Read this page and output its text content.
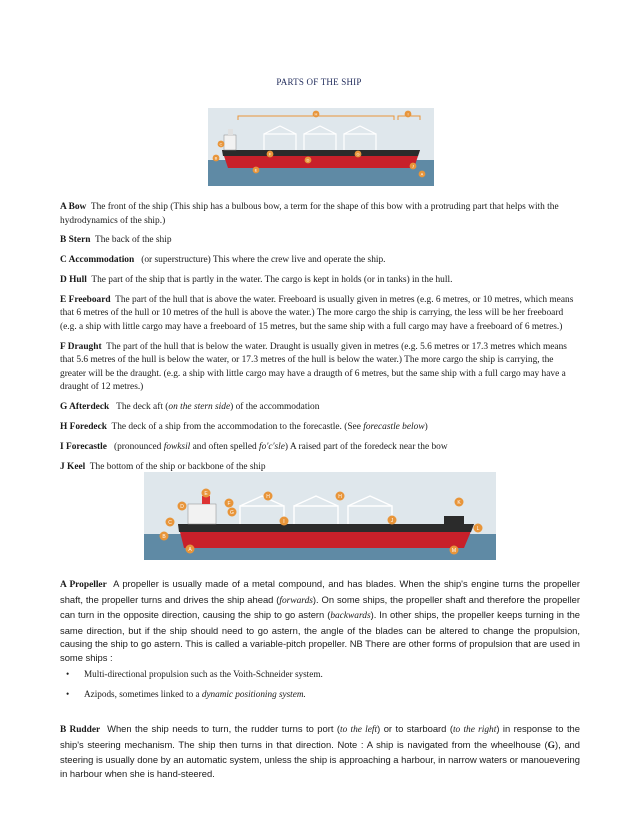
PARTS OF THE SHIP
H	I
C
B
A
J
D
E
F	G

A Bow The front of the ship (This ship has a bulbous bow, a term for the shape of this bow with a protruding part that helps with the hydrodynamics of the ship.)

B Stern The back of the ship

C Accommodation (or superstructure) This where the crew live and operate the ship.

D Hull The part of the ship that is partly in the water. The cargo is kept in holds (or in tanks) in the hull.

E Freeboard The part of the hull that is above the water. Freeboard is usually given in metres (e.g. 6 metres, or 10 metres, which means that 6 metres of the hull or 10 metres of the hull is above the water.) The more cargo the ship is carrying, the less will be her freeboard (e.g. a ship with little cargo may have a freeboard of 15 metres, but the same ship with a full cargo may have a freeboard of 6 metres.)

F Draught The part of the hull that is below the water. Draught is usually given in metres (e.g. 5.6 metres or 17.3 metres which means that 5.6 metres of the hull is below the water, or 17.3 metres of the hull is below the water.) The more cargo the ship is carrying, the greater will be the draught. (e.g. a ship with little cargo may have a draugth of 6 metres, but the same ship with a full cargo may have a draught of 12 metres.)

G Afterdeck The deck aft (on the stern side) of the accommodation

H Foredeck The deck of a ship from the accommodation to the forecastle. (See forecastle below)

I Forecastle (pronounced fowksil and often spelled fo'c'sle) A raised part of the foredeck near the bow

J Keel The bottom of the ship or backbone of the ship

E
F
G
D
C
B
A
H	H
I	J
K
L
M
A Propeller A propeller is usually made of a metal compound, and has blades. When the ship's engine turns the propeller shaft, the propeller turns and drives the ship ahead (forwards). On some ships, the propeller shaft and therefore the propeller can turn in the opposite direction, causing the ship to go astern (backwards). In other ships, the propeller keeps turning in the same direction, but if the ship should need to go astern, the angle of the blades can be altered to change the propulsion, causing the ship to go astern. This is called a variable-pitch propeller. NB There are other forms of propulsion that are used in some ships :
• Multi-directional propulsion such as the Voith-Schneider system.
• Azipods, sometimes linked to a dynamic positioning system.
B Rudder When the ship needs to turn, the rudder turns to port (to the left) or to starboard (to the right) in response to the ship's steering mechanism. The ship then turns in that direction. Note : A ship is navigated from the wheelhouse (G), and steering is usually done by an automatic system, unless the ship is approaching a harbour, in narrow waters or manouevering in harbour when she is hand-steered.
